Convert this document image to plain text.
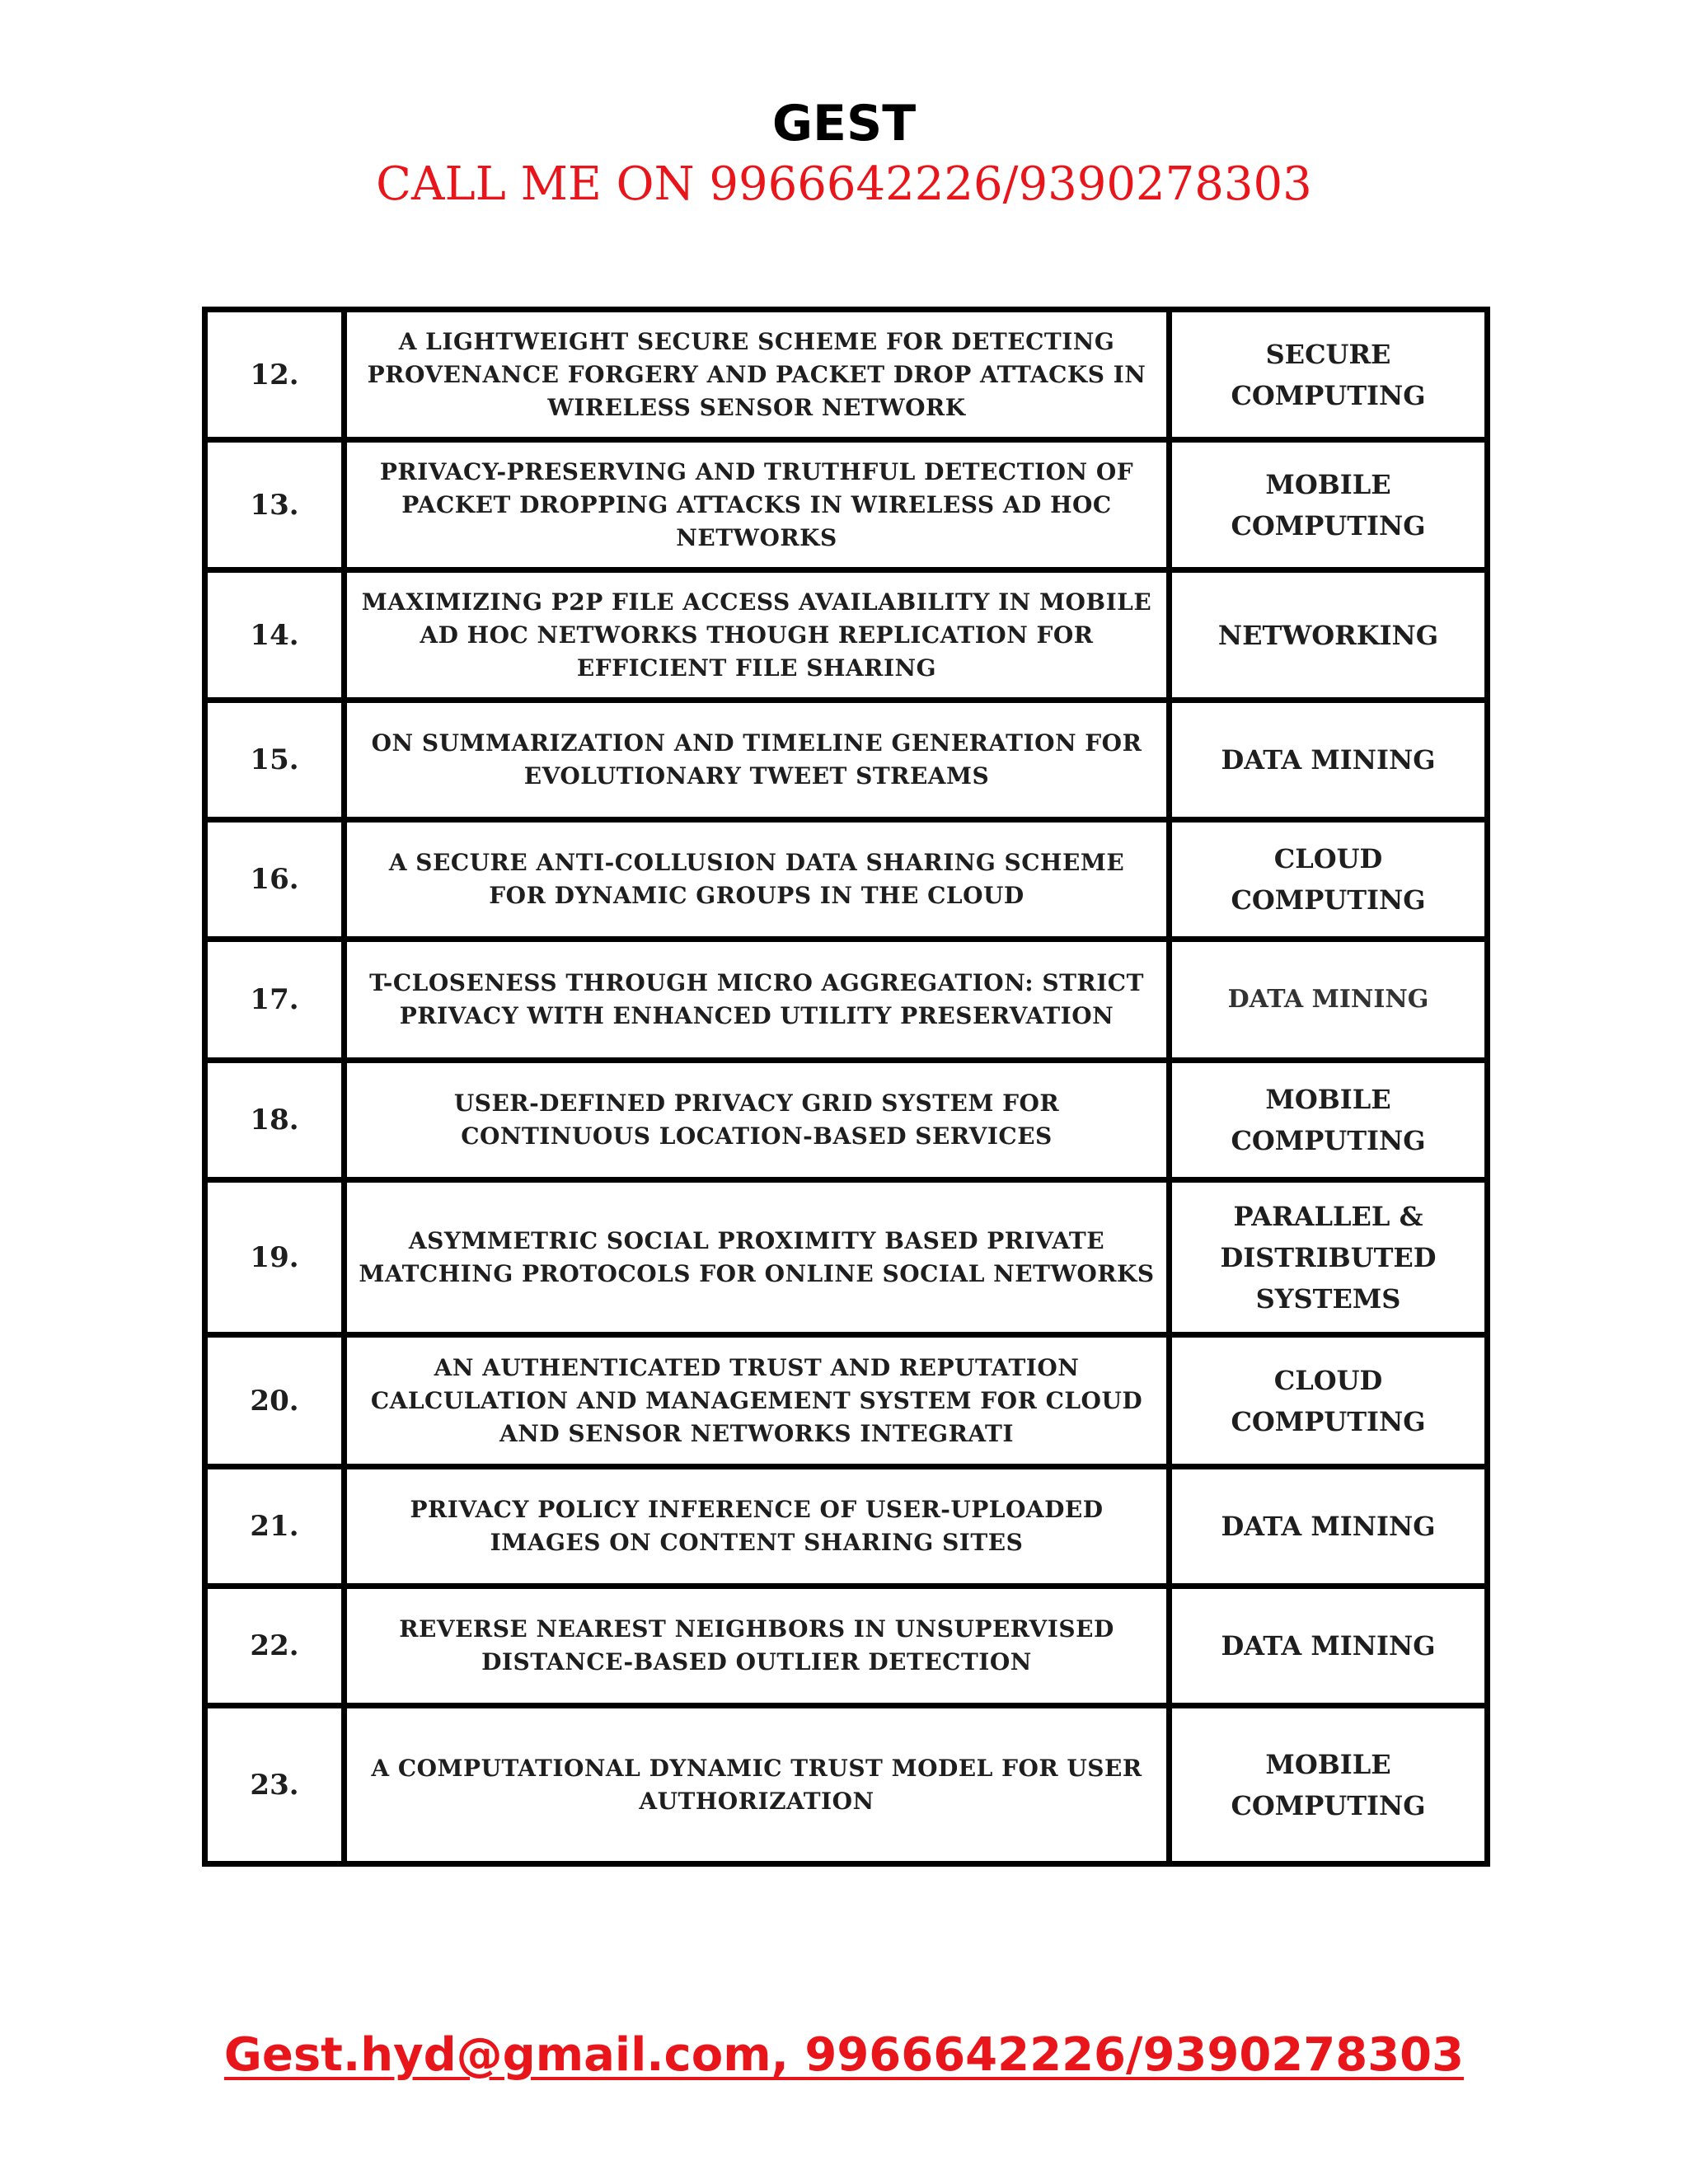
GEST
CALL ME ON 9966642226/9390278303
12.	A LIGHTWEIGHT SECURE SCHEME FOR DETECTING PROVENANCE FORGERY AND PACKET DROP ATTACKS IN WIRELESS SENSOR NETWORK	SECURE COMPUTING
13.	PRIVACY-PRESERVING AND TRUTHFUL DETECTION OF PACKET DROPPING ATTACKS IN WIRELESS AD HOC NETWORKS	MOBILE COMPUTING
14.	MAXIMIZING P2P FILE ACCESS AVAILABILITY IN MOBILE AD HOC NETWORKS THOUGH REPLICATION FOR EFFICIENT FILE SHARING	NETWORKING
15.	ON SUMMARIZATION AND TIMELINE GENERATION FOR EVOLUTIONARY TWEET STREAMS	DATA MINING
16.	A SECURE ANTI-COLLUSION DATA SHARING SCHEME FOR DYNAMIC GROUPS IN THE CLOUD	CLOUD COMPUTING
17.	T-CLOSENESS THROUGH MICRO AGGREGATION: STRICT PRIVACY WITH ENHANCED UTILITY PRESERVATION	DATA MINING
18.	USER-DEFINED PRIVACY GRID SYSTEM FOR CONTINUOUS LOCATION-BASED SERVICES	MOBILE COMPUTING
19.	ASYMMETRIC SOCIAL PROXIMITY BASED PRIVATE MATCHING PROTOCOLS FOR ONLINE SOCIAL NETWORKS	PARALLEL & DISTRIBUTED SYSTEMS
20.	AN AUTHENTICATED TRUST AND REPUTATION CALCULATION AND MANAGEMENT SYSTEM FOR CLOUD AND SENSOR NETWORKS INTEGRATI	CLOUD COMPUTING
21.	PRIVACY POLICY INFERENCE OF USER-UPLOADED IMAGES ON CONTENT SHARING SITES	DATA MINING
22.	REVERSE NEAREST NEIGHBORS IN UNSUPERVISED DISTANCE-BASED OUTLIER DETECTION	DATA MINING
23.	A COMPUTATIONAL DYNAMIC TRUST MODEL FOR USER AUTHORIZATION	MOBILE COMPUTING
Gest.hyd@gmail.com, 9966642226/9390278303
